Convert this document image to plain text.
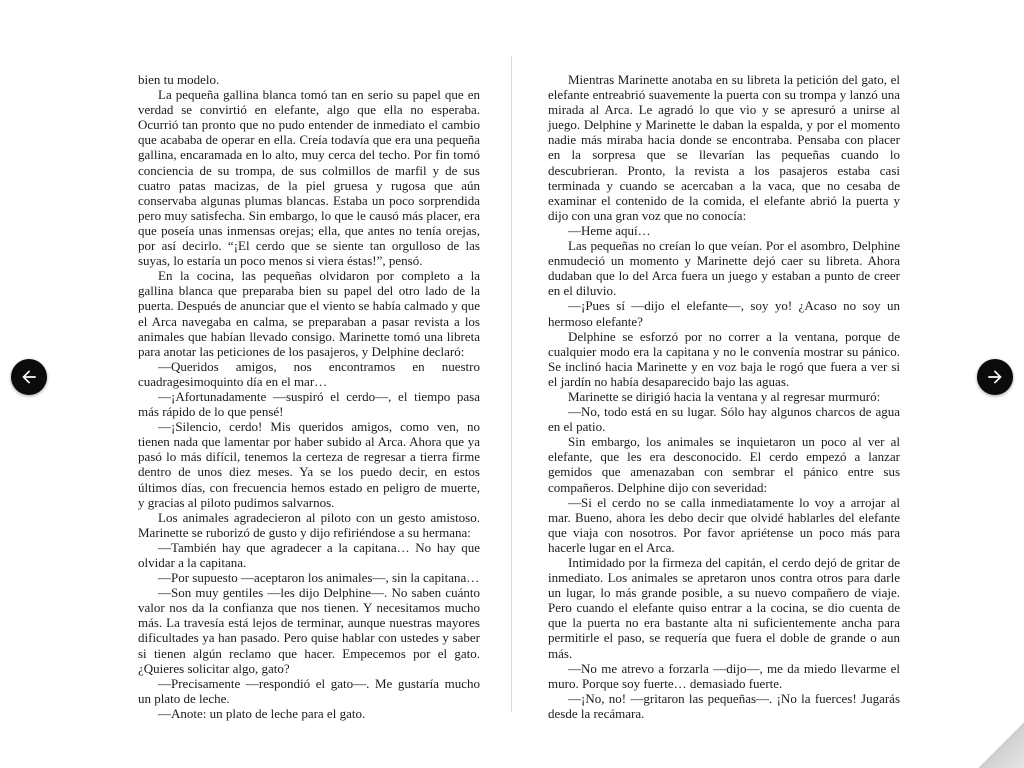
bien tu modelo.

La pequeña gallina blanca tomó tan en serio su papel que en verdad se convirtió en elefante, algo que ella no esperaba. Ocurrió tan pronto que no pudo entender de inmediato el cambio que acababa de operar en ella. Creía todavía que era una pequeña gallina, encaramada en lo alto, muy cerca del techo. Por fin tomó conciencia de su trompa, de sus colmillos de marfil y de sus cuatro patas macizas, de la piel gruesa y rugosa que aún conservaba algunas plumas blancas. Estaba un poco sorprendida pero muy satisfecha. Sin embargo, lo que le causó más placer, era que poseía unas inmensas orejas; ella, que antes no tenía orejas, por así decirlo. “¡El cerdo que se siente tan orgulloso de las suyas, lo estaría un poco menos si viera éstas!”, pensó.

En la cocina, las pequeñas olvidaron por completo a la gallina blanca que preparaba bien su papel del otro lado de la puerta. Después de anunciar que el viento se había calmado y que el Arca navegaba en calma, se preparaban a pasar revista a los animales que habían llevado consigo. Marinette tomó una libreta para anotar las peticiones de los pasajeros, y Delphine declaró:

—Queridos amigos, nos encontramos en nuestro cuadragesimoquinto día en el mar…

—¡Afortunadamente —suspiró el cerdo—, el tiempo pasa más rápido de lo que pensé!

—¡Silencio, cerdo! Mis queridos amigos, como ven, no tienen nada que lamentar por haber subido al Arca. Ahora que ya pasó lo más difícil, tenemos la certeza de regresar a tierra firme dentro de unos diez meses. Ya se los puedo decir, en estos últimos días, con frecuencia hemos estado en peligro de muerte, y gracias al piloto pudimos salvarnos.

Los animales agradecieron al piloto con un gesto amistoso. Marinette se ruborizó de gusto y dijo refiriéndose a su hermana:

—También hay que agradecer a la capitana… No hay que olvidar a la capitana.

—Por supuesto —aceptaron los animales—, sin la capitana…

—Son muy gentiles —les dijo Delphine—. No saben cuánto valor nos da la confianza que nos tienen. Y necesitamos mucho más. La travesía está lejos de terminar, aunque nuestras mayores dificultades ya han pasado. Pero quise hablar con ustedes y saber si tienen algún reclamo que hacer. Empecemos por el gato. ¿Quieres solicitar algo, gato?

—Precisamente —respondió el gato—. Me gustaría mucho un plato de leche.

—Anote: un plato de leche para el gato.

Mientras Marinette anotaba en su libreta la petición del gato, el elefante entreabrió suavemente la puerta con su trompa y lanzó una mirada al Arca. Le agradó lo que vio y se apresuró a unirse al juego. Delphine y Marinette le daban la espalda, y por el momento nadie más miraba hacia donde se encontraba. Pensaba con placer en la sorpresa que se llevarían las pequeñas cuando lo descubrieran. Pronto, la revista a los pasajeros estaba casi terminada y cuando se acercaban a la vaca, que no cesaba de examinar el contenido de la comida, el elefante abrió la puerta y dijo con una gran voz que no conocía:

—Heme aquí…

Las pequeñas no creían lo que veían. Por el asombro, Delphine enmudeció un momento y Marinette dejó caer su libreta. Ahora dudaban que lo del Arca fuera un juego y estaban a punto de creer en el diluvio.

—¡Pues sí —dijo el elefante—, soy yo! ¿Acaso no soy un hermoso elefante?

Delphine se esforzó por no correr a la ventana, porque de cualquier modo era la capitana y no le convenía mostrar su pánico. Se inclinó hacia Marinette y en voz baja le rogó que fuera a ver si el jardín no había desaparecido bajo las aguas.

Marinette se dirigió hacia la ventana y al regresar murmuró:

—No, todo está en su lugar. Sólo hay algunos charcos de agua en el patio.

Sin embargo, los animales se inquietaron un poco al ver al elefante, que les era desconocido. El cerdo empezó a lanzar gemidos que amenazaban con sembrar el pánico entre sus compañeros. Delphine dijo con severidad:

—Si el cerdo no se calla inmediatamente lo voy a arrojar al mar. Bueno, ahora les debo decir que olvidé hablarles del elefante que viaja con nosotros. Por favor apriétense un poco más para hacerle lugar en el Arca.

Intimidado por la firmeza del capitán, el cerdo dejó de gritar de inmediato. Los animales se apretaron unos contra otros para darle un lugar, lo más grande posible, a su nuevo compañero de viaje. Pero cuando el elefante quiso entrar a la cocina, se dio cuenta de que la puerta no era bastante alta ni suficientemente ancha para permitirle el paso, se requería que fuera el doble de grande o aun más.

—No me atrevo a forzarla —dijo—, me da miedo llevarme el muro. Porque soy fuerte… demasiado fuerte.

—¡No, no! —gritaron las pequeñas—. ¡No la fuerces! Jugarás desde la recámara.
